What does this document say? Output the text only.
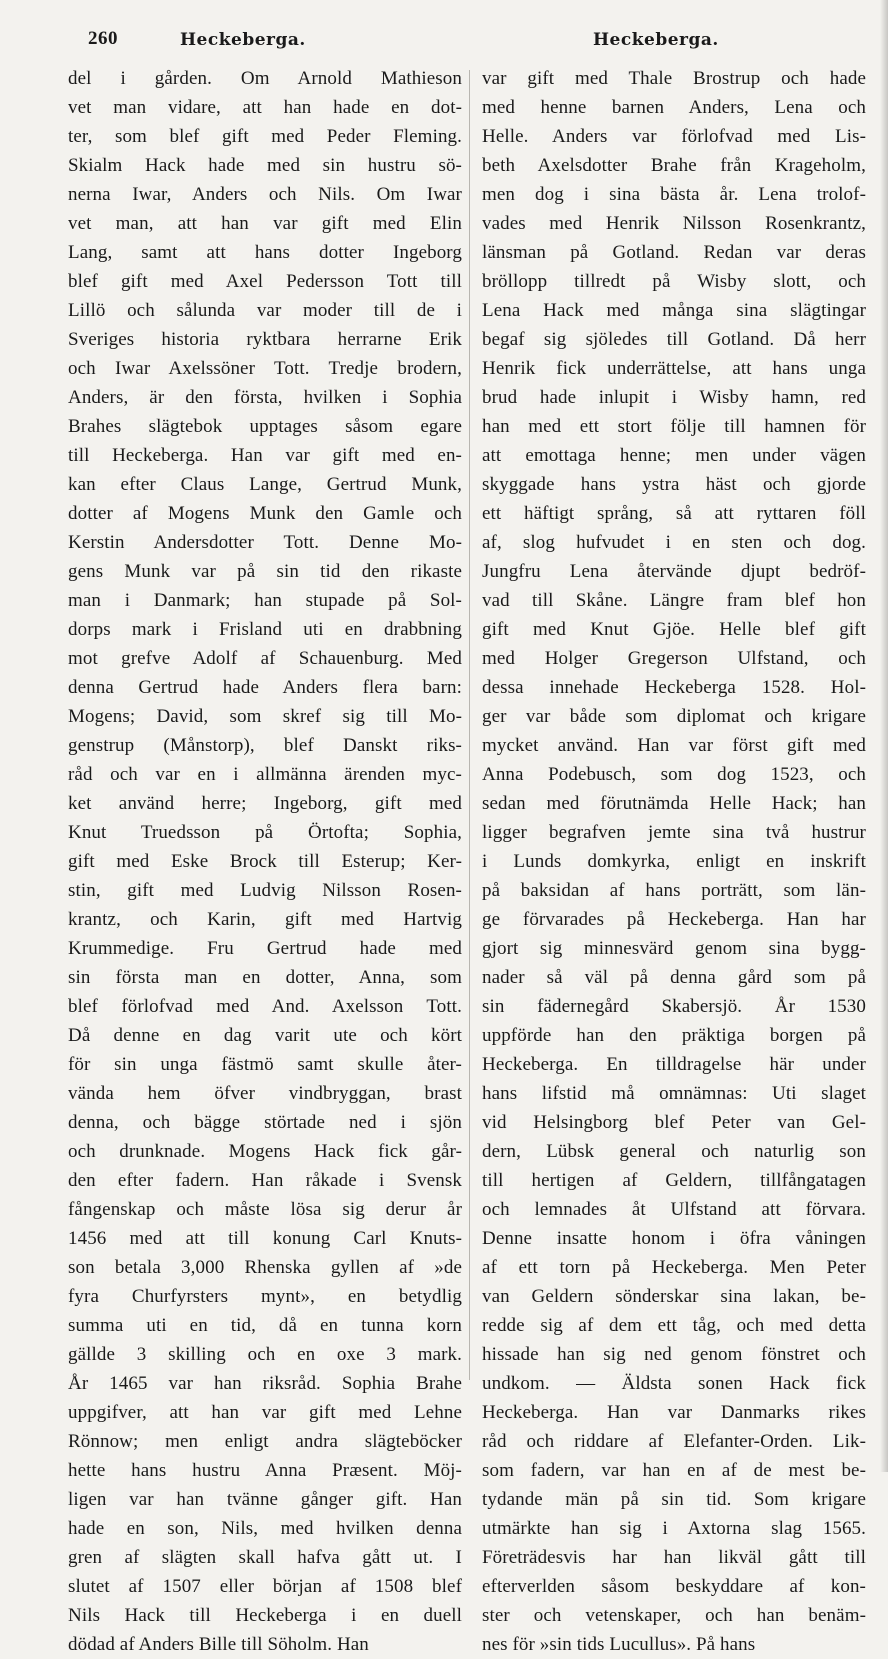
260	Heckeberga.	Heckeberga.
del i gården. Om Arnold Mathieson
vet man vidare, att han hade en dot-
ter, som blef gift med Peder Fleming.
Skialm Hack hade med sin hustru sö-
nerna Iwar, Anders och Nils. Om Iwar
vet man, att han var gift med Elin
Lang, samt att hans dotter Ingeborg
blef gift med Axel Pedersson Tott till
Lillö och sålunda var moder till de i
Sveriges historia ryktbara herrarne Erik
och Iwar Axelssöner Tott. Tredje brodern,
Anders, är den första, hvilken i Sophia
Brahes slägtebok upptages såsom egare
till Heckeberga. Han var gift med en-
kan efter Claus Lange, Gertrud Munk,
dotter af Mogens Munk den Gamle och
Kerstin Andersdotter Tott. Denne Mo-
gens Munk var på sin tid den rikaste
man i Danmark; han stupade på Sol-
dorps mark i Frisland uti en drabbning
mot grefve Adolf af Schauenburg. Med
denna Gertrud hade Anders flera barn:
Mogens; David, som skref sig till Mo-
genstrup (Månstorp), blef Danskt riks-
råd och var en i allmänna ärenden myc-
ket använd herre; Ingeborg, gift med
Knut Truedsson på Örtofta; Sophia,
gift med Eske Brock till Esterup; Ker-
stin, gift med Ludvig Nilsson Rosen-
krantz, och Karin, gift med Hartvig
Krummedige. Fru Gertrud hade med
sin första man en dotter, Anna, som
blef förlofvad med And. Axelsson Tott.
Då denne en dag varit ute och kört
för sin unga fästmö samt skulle åter-
vända hem öfver vindbryggan, brast
denna, och bägge störtade ned i sjön
och drunknade. Mogens Hack fick går-
den efter fadern. Han råkade i Svensk
fångenskap och måste lösa sig derur år
1456 med att till konung Carl Knuts-
son betala 3,000 Rhenska gyllen af »de
fyra Churfyrsters mynt», en betydlig
summa uti en tid, då en tunna korn
gällde 3 skilling och en oxe 3 mark.
År 1465 var han riksråd. Sophia Brahe
uppgifver, att han var gift med Lehne
Rönnow; men enligt andra slägteböcker
hette hans hustru Anna Præsent. Möj-
ligen var han tvänne gånger gift. Han
hade en son, Nils, med hvilken denna
gren af slägten skall hafva gått ut. I
slutet af 1507 eller början af 1508 blef
Nils Hack till Heckeberga i en duell
dödad af Anders Bille till Söholm. Han
var gift med Thale Brostrup och hade
med henne barnen Anders, Lena och
Helle. Anders var förlofvad med Lis-
beth Axelsdotter Brahe från Krageholm,
men dog i sina bästa år. Lena trolof-
vades med Henrik Nilsson Rosenkrantz,
länsman på Gotland. Redan var deras
bröllopp tillredt på Wisby slott, och
Lena Hack med många sina slägtingar
begaf sig sjöledes till Gotland. Då herr
Henrik fick underrättelse, att hans unga
brud hade inlupit i Wisby hamn, red
han med ett stort följe till hamnen för
att emottaga henne; men under vägen
skyggade hans ystra häst och gjorde
ett häftigt språng, så att ryttaren föll
af, slog hufvudet i en sten och dog.
Jungfru Lena återvände djupt bedröf-
vad till Skåne. Längre fram blef hon
gift med Knut Gjöe. Helle blef gift
med Holger Gregerson Ulfstand, och
dessa innehade Heckeberga 1528. Hol-
ger var både som diplomat och krigare
mycket använd. Han var först gift med
Anna Podebusch, som dog 1523, och
sedan med förutnämda Helle Hack; han
ligger begrafven jemte sina två hustrur
i Lunds domkyrka, enligt en inskrift
på baksidan af hans porträtt, som län-
ge förvarades på Heckeberga. Han har
gjort sig minnesvärd genom sina bygg-
nader så väl på denna gård som på
sin fädernegård Skabersjö. År 1530
uppförde han den präktiga borgen på
Heckeberga. En tilldragelse här under
hans lifstid må omnämnas: Uti slaget
vid Helsingborg blef Peter van Gel-
dern, Lübsk general och naturlig son
till hertigen af Geldern, tillfångatagen
och lemnades åt Ulfstand att förvara.
Denne insatte honom i öfra våningen
af ett torn på Heckeberga. Men Peter
van Geldern sönderskar sina lakan, be-
redde sig af dem ett tåg, och med detta
hissade han sig ned genom fönstret och
undkom. — Äldsta sonen Hack fick
Heckeberga. Han var Danmarks rikes
råd och riddare af Elefanter-Orden. Lik-
som fadern, var han en af de mest be-
tydande män på sin tid. Som krigare
utmärkte han sig i Axtorna slag 1565.
Företrädesvis har han likväl gått till
efterverlden såsom beskyddare af kon-
ster och vetenskaper, och han benäm-
nes för »sin tids Lucullus». På hans
